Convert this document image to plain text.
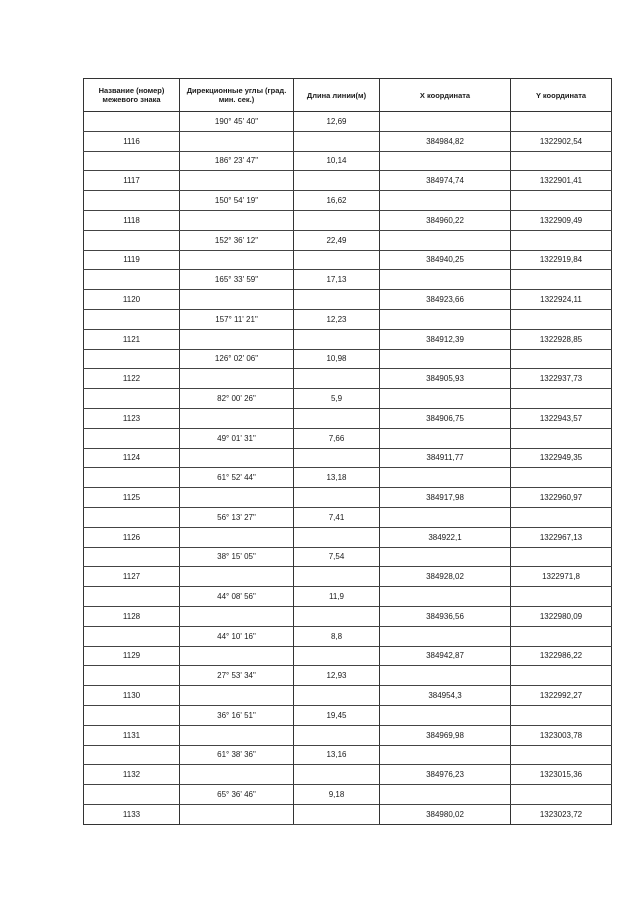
Название (номер) межевого знака	Дирекционные углы (град. мин. сек.)	Длина линии(м)	X координата	Y координата
	190° 45' 40"	12,69		
1116			384984,82	1322902,54
	186° 23' 47"	10,14		
1117			384974,74	1322901,41
	150° 54' 19"	16,62		
1118			384960,22	1322909,49
	152° 36' 12"	22,49		
1119			384940,25	1322919,84
	165° 33' 59"	17,13		
1120			384923,66	1322924,11
	157° 11' 21"	12,23		
1121			384912,39	1322928,85
	126° 02' 06"	10,98		
1122			384905,93	1322937,73
	82° 00' 26"	5,9		
1123			384906,75	1322943,57
	49° 01' 31"	7,66		
1124			384911,77	1322949,35
	61° 52' 44"	13,18		
1125			384917,98	1322960,97
	56° 13' 27"	7,41		
1126			384922,1	1322967,13
	38° 15' 05"	7,54		
1127			384928,02	1322971,8
	44° 08' 56"	11,9		
1128			384936,56	1322980,09
	44° 10' 16"	8,8		
1129			384942,87	1322986,22
	27° 53' 34"	12,93		
1130			384954,3	1322992,27
	36° 16' 51"	19,45		
1131			384969,98	1323003,78
	61° 38' 36"	13,16		
1132			384976,23	1323015,36
	65° 36' 46"	9,18		
1133			384980,02	1323023,72
